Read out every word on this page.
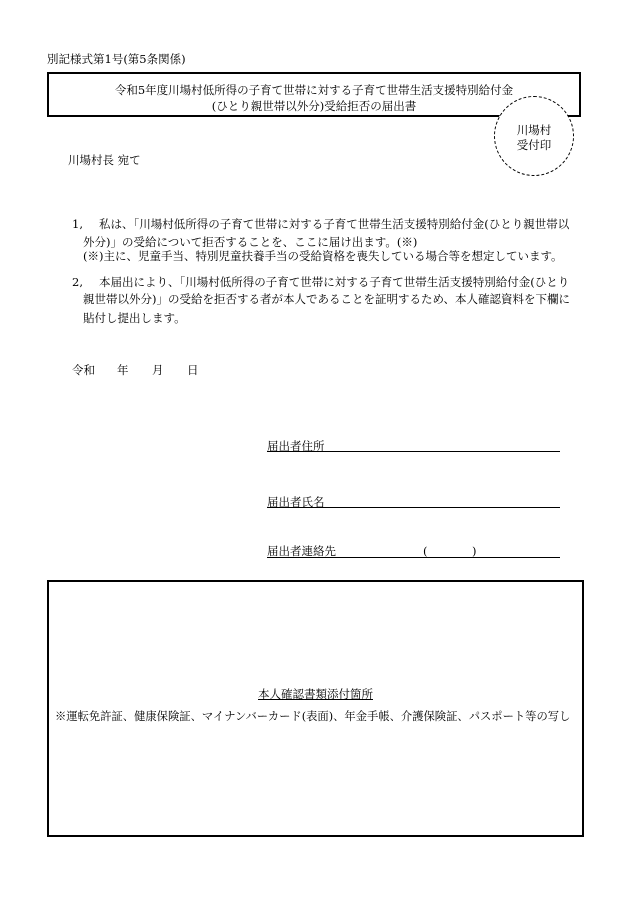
別記様式第1号(第5条関係)
令和5年度川場村低所得の子育て世帯に対する子育て世帯生活支援特別給付金
(ひとり親世帯以外分)受給拒否の届出書
川場村
受付印
川場村長 宛て
1, 私は、「川場村低所得の子育て世帯に対する子育て世帯生活支援特別給付金(ひとり親世帯以
外分)」の受給について拒否することを、ここに届け出ます。(※)
(※)主に、児童手当、特別児童扶養手当の受給資格を喪失している場合等を想定しています。
2, 本届出により、「川場村低所得の子育て世帯に対する子育て世帯生活支援特別給付金(ひとり
親世帯以外分)」の受給を拒否する者が本人であることを証明するため、本人確認資料を下欄に
貼付し提出します。
令和 年 月 日
届出者住所
届出者氏名
届出者連絡先	(	)
本人確認書類添付箇所
※運転免許証、健康保険証、マイナンバーカード(表面)、年金手帳、介護保険証、パスポート等の写し
